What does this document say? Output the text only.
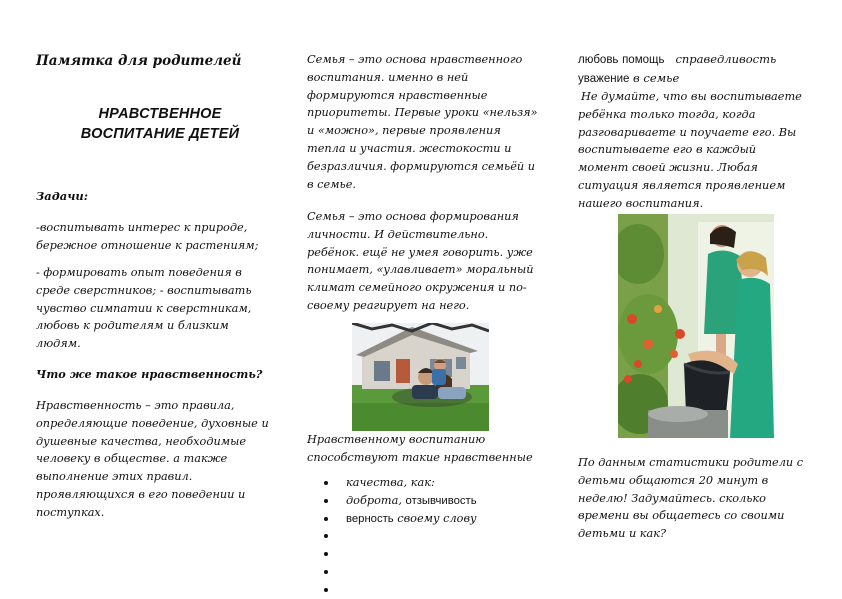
Памятка для родителей
НРАВСТВЕННОЕ
ВОСПИТАНИЕ ДЕТЕЙ
Задачи:
-воспитывать интерес к природе, бережное отношение к растениям;
- формировать опыт поведения в среде сверстников; - воспитывать чувство симпатии к сверстникам, любовь к родителям и близким людям.
Что же такое нравственность?
Нравственность – это правила, определяющие поведение, духовные и душевные качества, необходимые человеку в обществе. а также выполнение этих правил. проявляющихся в его поведении и поступках.
Семья – это основа нравственного воспитания. именно в ней формируются нравственные приоритеты. Первые уроки «нельзя» и «можно», первые проявления тепла и участия. жестокости и безразличия. формируются семьёй и в семье.
Семья – это основа формирования личности. И действительно. ребёнок. ещё не умея говорить. уже понимает, «улавливает» моральный климат семейного окружения и по-своему реагирует на него.
Нравственному воспитанию
способствуют такие нравственные
качества, как:
доброта, отзывчивость
верность своему слову
любовь помощь справедливость
уважение в семье
Не думайте, что вы воспитываете ребёнка только тогда, когда разговариваете и поучаете его. Вы воспитываете его в каждый момент своей жизни. Любая ситуация является проявлением нашего воспитания.
По данным статистики родители с детьми общаются 20 минут в неделю! Задумайтесь. сколько времени вы общаетесь со своими детьми и как?
